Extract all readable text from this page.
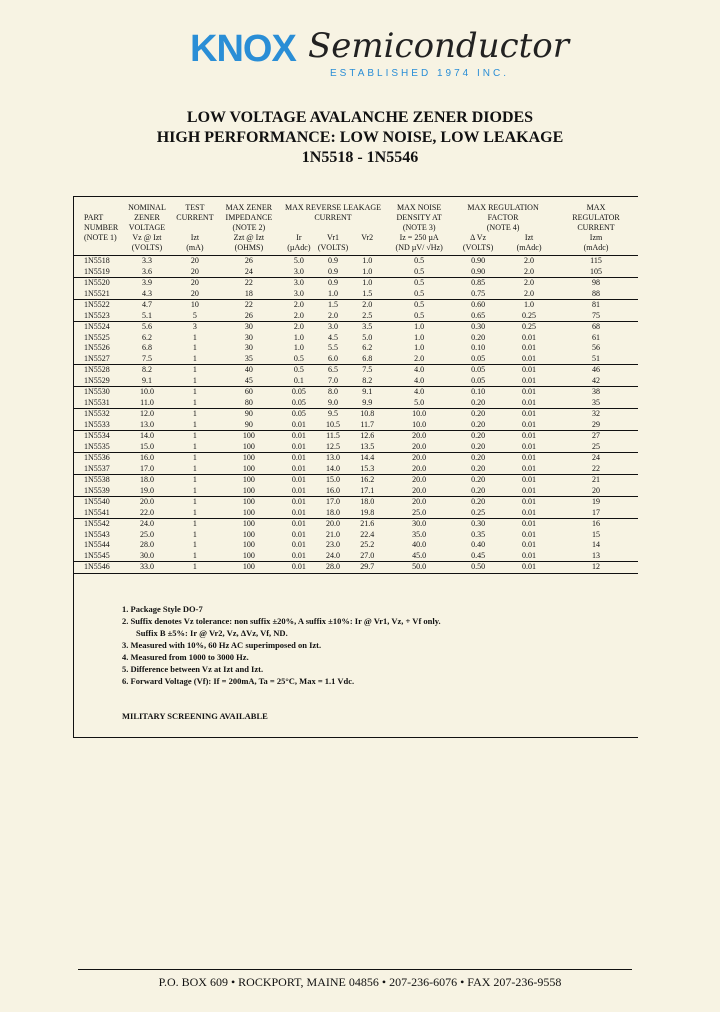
KNOX Semiconductor
ESTABLISHED 1974 INC.
LOW VOLTAGE AVALANCHE ZENER DIODES
HIGH PERFORMANCE: LOW NOISE, LOW LEAKAGE
1N5518 - 1N5546
	NOMINAL	TEST	MAX ZENER	MAX REVERSE LEAKAGE			MAX NOISE	MAX REGULATION		MAX
PART	ZENER	CURRENT	IMPEDANCE	CURRENT			DENSITY AT	FACTOR		REGULATOR
NUMBER	VOLTAGE		(NOTE 2)				(NOTE 3)	(NOTE 4)		CURRENT
(NOTE 1)	Vz @ Izt	Izt	Zzt @ Izt	Ir	Vr1	Vr2	Iz = 250 µA	Δ Vz	Izt	Izm
	(VOLTS)	(mA)	(OHMS)	(µAdc)	(VOLTS)		(ND µV/ √Hz)	(VOLTS)	(mAdc)	(mAdc)
1N5518	3.3	20	26	5.0	0.9	1.0	0.5	0.90	2.0	115
1N5519	3.6	20	24	3.0	0.9	1.0	0.5	0.90	2.0	105
1N5520	3.9	20	22	3.0	0.9	1.0	0.5	0.85	2.0	98
1N5521	4.3	20	18	3.0	1.0	1.5	0.5	0.75	2.0	88
1N5522	4.7	10	22	2.0	1.5	2.0	0.5	0.60	1.0	81
1N5523	5.1	5	26	2.0	2.0	2.5	0.5	0.65	0.25	75
1N5524	5.6	3	30	2.0	3.0	3.5	1.0	0.30	0.25	68
1N5525	6.2	1	30	1.0	4.5	5.0	1.0	0.20	0.01	61
1N5526	6.8	1	30	1.0	5.5	6.2	1.0	0.10	0.01	56
1N5527	7.5	1	35	0.5	6.0	6.8	2.0	0.05	0.01	51
1N5528	8.2	1	40	0.5	6.5	7.5	4.0	0.05	0.01	46
1N5529	9.1	1	45	0.1	7.0	8.2	4.0	0.05	0.01	42
1N5530	10.0	1	60	0.05	8.0	9.1	4.0	0.10	0.01	38
1N5531	11.0	1	80	0.05	9.0	9.9	5.0	0.20	0.01	35
1N5532	12.0	1	90	0.05	9.5	10.8	10.0	0.20	0.01	32
1N5533	13.0	1	90	0.01	10.5	11.7	10.0	0.20	0.01	29
1N5534	14.0	1	100	0.01	11.5	12.6	20.0	0.20	0.01	27
1N5535	15.0	1	100	0.01	12.5	13.5	20.0	0.20	0.01	25
1N5536	16.0	1	100	0.01	13.0	14.4	20.0	0.20	0.01	24
1N5537	17.0	1	100	0.01	14.0	15.3	20.0	0.20	0.01	22
1N5538	18.0	1	100	0.01	15.0	16.2	20.0	0.20	0.01	21
1N5539	19.0	1	100	0.01	16.0	17.1	20.0	0.20	0.01	20
1N5540	20.0	1	100	0.01	17.0	18.0	20.0	0.20	0.01	19
1N5541	22.0	1	100	0.01	18.0	19.8	25.0	0.25	0.01	17
1N5542	24.0	1	100	0.01	20.0	21.6	30.0	0.30	0.01	16
1N5543	25.0	1	100	0.01	21.0	22.4	35.0	0.35	0.01	15
1N5544	28.0	1	100	0.01	23.0	25.2	40.0	0.40	0.01	14
1N5545	30.0	1	100	0.01	24.0	27.0	45.0	0.45	0.01	13
1N5546	33.0	1	100	0.01	28.0	29.7	50.0	0.50	0.01	12
1. Package Style DO-7
2. Suffix denotes Vz tolerance: non suffix ±20%, A suffix ±10%: Ir @ Vr1, Vz, + Vf only.
Suffix B ±5%: Ir @ Vr2, Vz, ΔVz, Vf, ND.
3. Measured with 10%, 60 Hz AC superimposed on Izt.
4. Measured from 1000 to 3000 Hz.
5. Difference between Vz at Izt and Izt.
6. Forward Voltage (Vf): If = 200mA, Ta = 25°C, Max = 1.1 Vdc.
MILITARY SCREENING AVAILABLE
P.O. BOX 609 • ROCKPORT, MAINE 04856 • 207-236-6076 • FAX 207-236-9558
